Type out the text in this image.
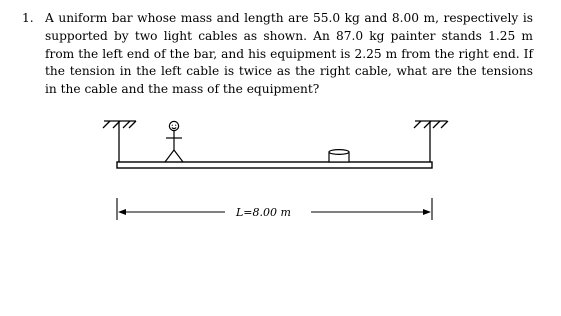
1. A uniform bar whose mass and length are 55.0 kg and 8.00 m, respectively is supported by two light cables as shown. An 87.0 kg painter stands 1.25 m from the left end of the bar, and his equipment is 2.25 m from the right end. If the tension in the left cable is twice as the right cable, what are the tensions in the cable and the mass of the equipment?
L=8.00 m
